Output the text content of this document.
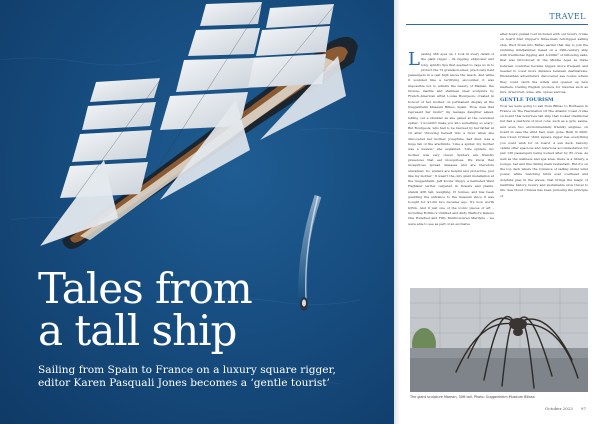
Tales from
a tall ship
Sailing from Spain to France on a luxury square rigger, editor Karen Pasquali Jones becomes a ‘gentle tourist’
TRAVEL
L eaving 360 eyes on, I took in every detail of the giant rigger – its rigging, shiptower and long, spindly tips that seemed to cage us in to protect the 72 grandson-sized, preciously held passengers in a cast high above the beach. And while it sounded like a terrifying encounter, it was impossible not to admire the beauty of Maman, the bronze, marble and stainless steel sculpture by French-American artist Louise Bourgeois, created in honour of her mother, on permanent display at the Guggenheim Museum Bilbao, Spain. ‘How does that represent her mum?’ my teenage daughter asked, letting out a shudder as she gazed at the oversized spider. ‘I wouldn't make you into something so scary.’ But Bourgeois, who had to be rescued by her father at 10 after throwing herself into a river when she discovered her mother, Josephine, had died, was a huge fan of the arachnids. ‘Like a spider, my mother was a weaver,’ she explained. ‘Like spiders, my mother was very clever. Spiders are friendly presences that eat mosquitoes. We know that mosquitoes spread diseases and are therefore unwanted. So, spiders are helpful and protective, just like my mother.’ It wasn't the only giant installation at the Guggenheim. Jeff Koons' Puppy, a helmeted West Highland terrier carpeted in flowers and plants, stands 43ft tall, weighing 15 tonnes, and has been guarding the entrance to the museum since it was bought for $1.2m two decades ago. It's now worth $35m. And it just one of the iconic pieces of art – including Rothko's Untitled and Andy Warhol's famous One Hundred and Fifty Multicoloured Marilyns – we were able to see as part of an exclusive

after-hours guided tour included with our luxury cruise on board Star Clipper's three-mast full-rigged sailing ship. We'd flown into Bilbao earlier that day to join the stunning windjammer, based on a 19th-century ship with traditional rigging and 4,200m² of billowing sails, that was introduced in the Middle Ages as trade between countries became bigger, more frequent and needed to cover more distance between destinations. Elizabethan adventurers discovered sea routes where they could catch the winds and opened up new markets, trading English produce for luxuries such as furs, dried fruit, wine, silk, spices and tea.

GENTLE TOURISM

Now we were going to sail from Bilbao to Bordeaux in France on The Fascination Of The Atlantic Coast cruise on board this luxurious tall ship that looked traditional but had a plethora of mod cons, such as a gym, sauna, and even two environmentally friendly engines, on board in case the wind had, well, gone. Built in 2000, Sea Cloud Crimes' third square rigger has everything you could wish for on board. A sun deck, balcony cabins offer spacious and luxurious accommodation for just 136 passengers being looked after by 85 crew. As well as the wellness and spa area, there is a library, a lounge, bar and fine dining main restaurant. But it's on the top deck where the romance of sailing under wind power, while watching birds soar overhead and dolphins play in the waves, that brings the magic of maritime history, luxury and sustainable slow travel to life. Sea Cloud Cruises has been pursuing the principle of

The giant sculpture Maman, 30ft tall. Photo: Guggenheim Museum Bilbao
October 2023 97
